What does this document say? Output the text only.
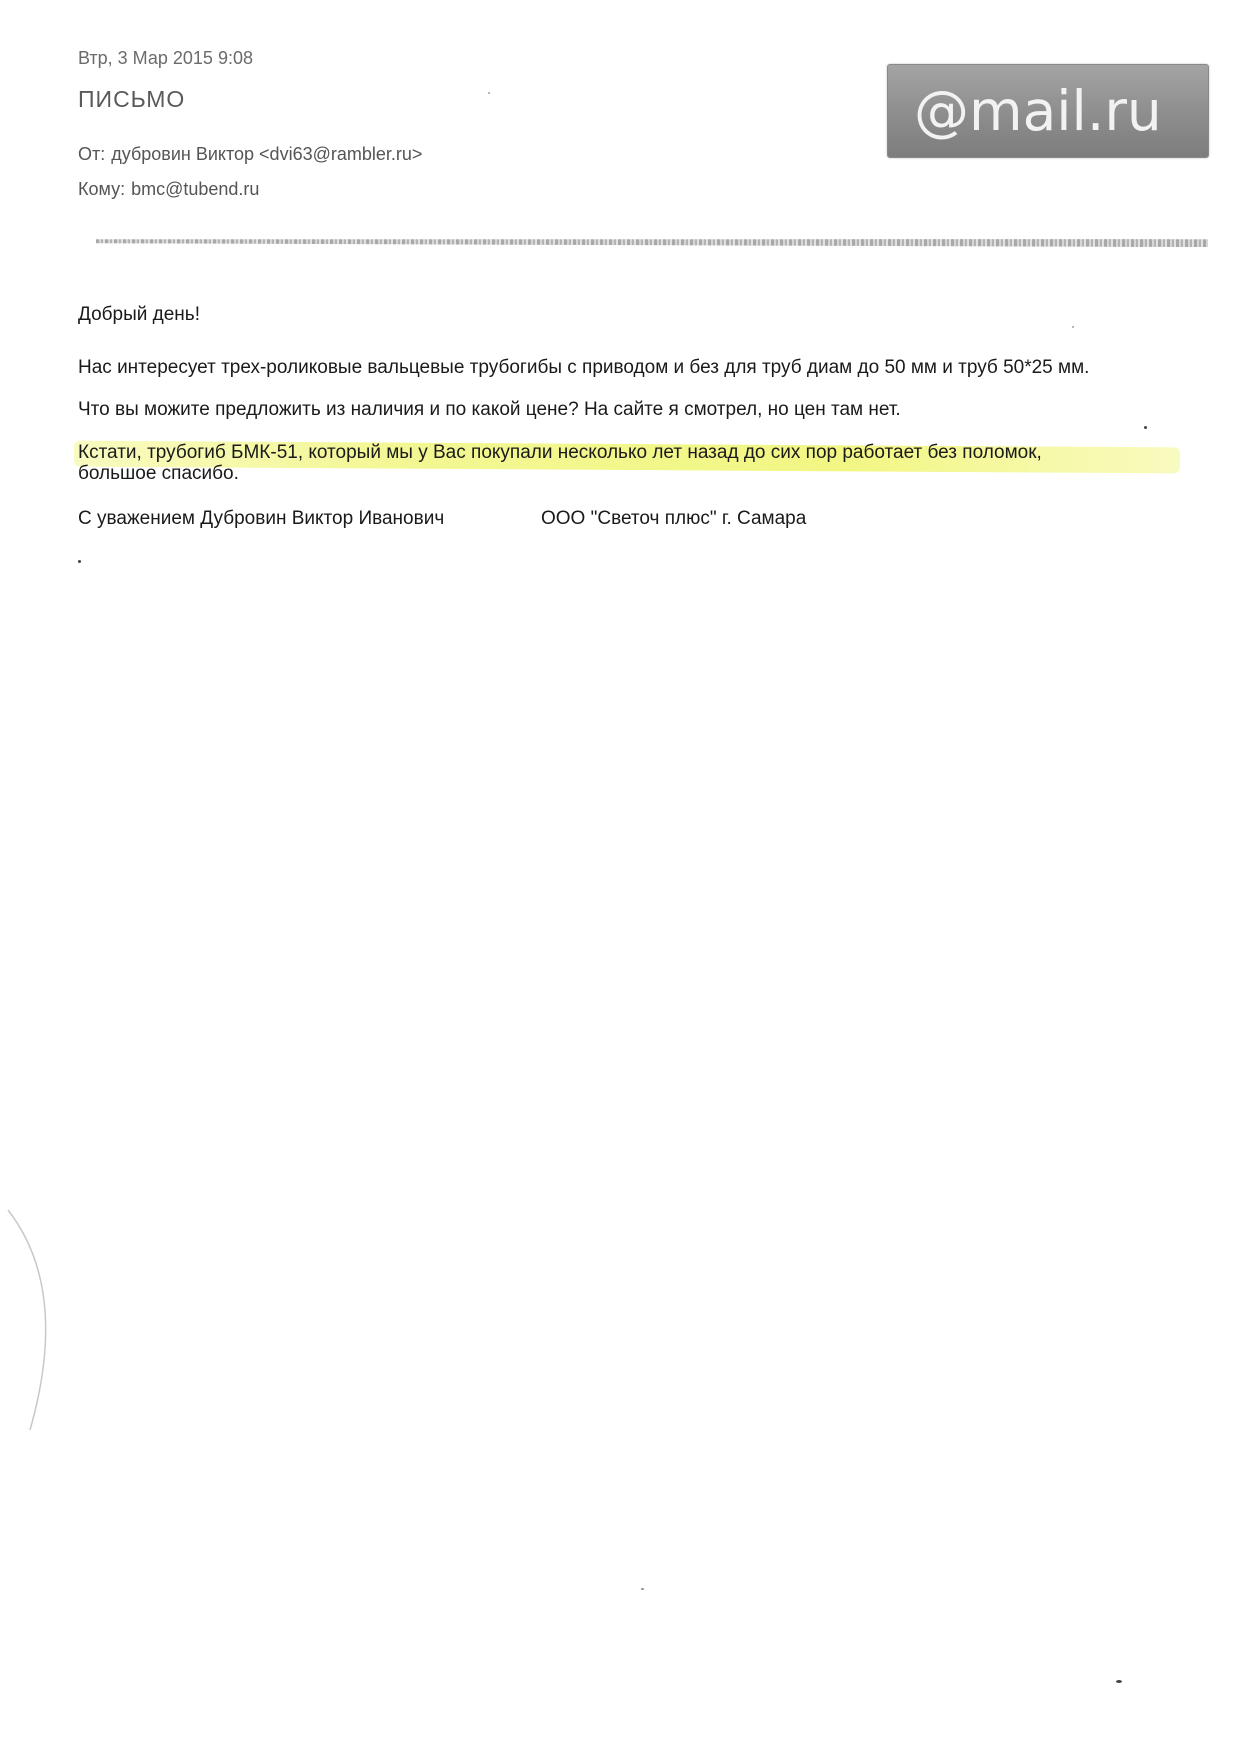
Втр, 3 Мар 2015 9:08
ПИСЬМО
От: дубровин Виктор <dvi63@rambler.ru>
Кому: bmc@tubend.ru
@mail.ru
Добрый день!
Нас интересует трех-роликовые вальцевые трубогибы с приводом и без для труб диам до 50 мм и труб 50*25 мм.
Что вы можите предложить из наличия и по какой цене? На сайте я смотрел, но цен там нет.
Кстати, трубогиб БМК-51, который мы у Вас покупали несколько лет назад до сих пор работает без поломок,
большое спасибо.
С уважением Дубровин Виктор Иванович	ООО "Светоч плюс" г. Самара
